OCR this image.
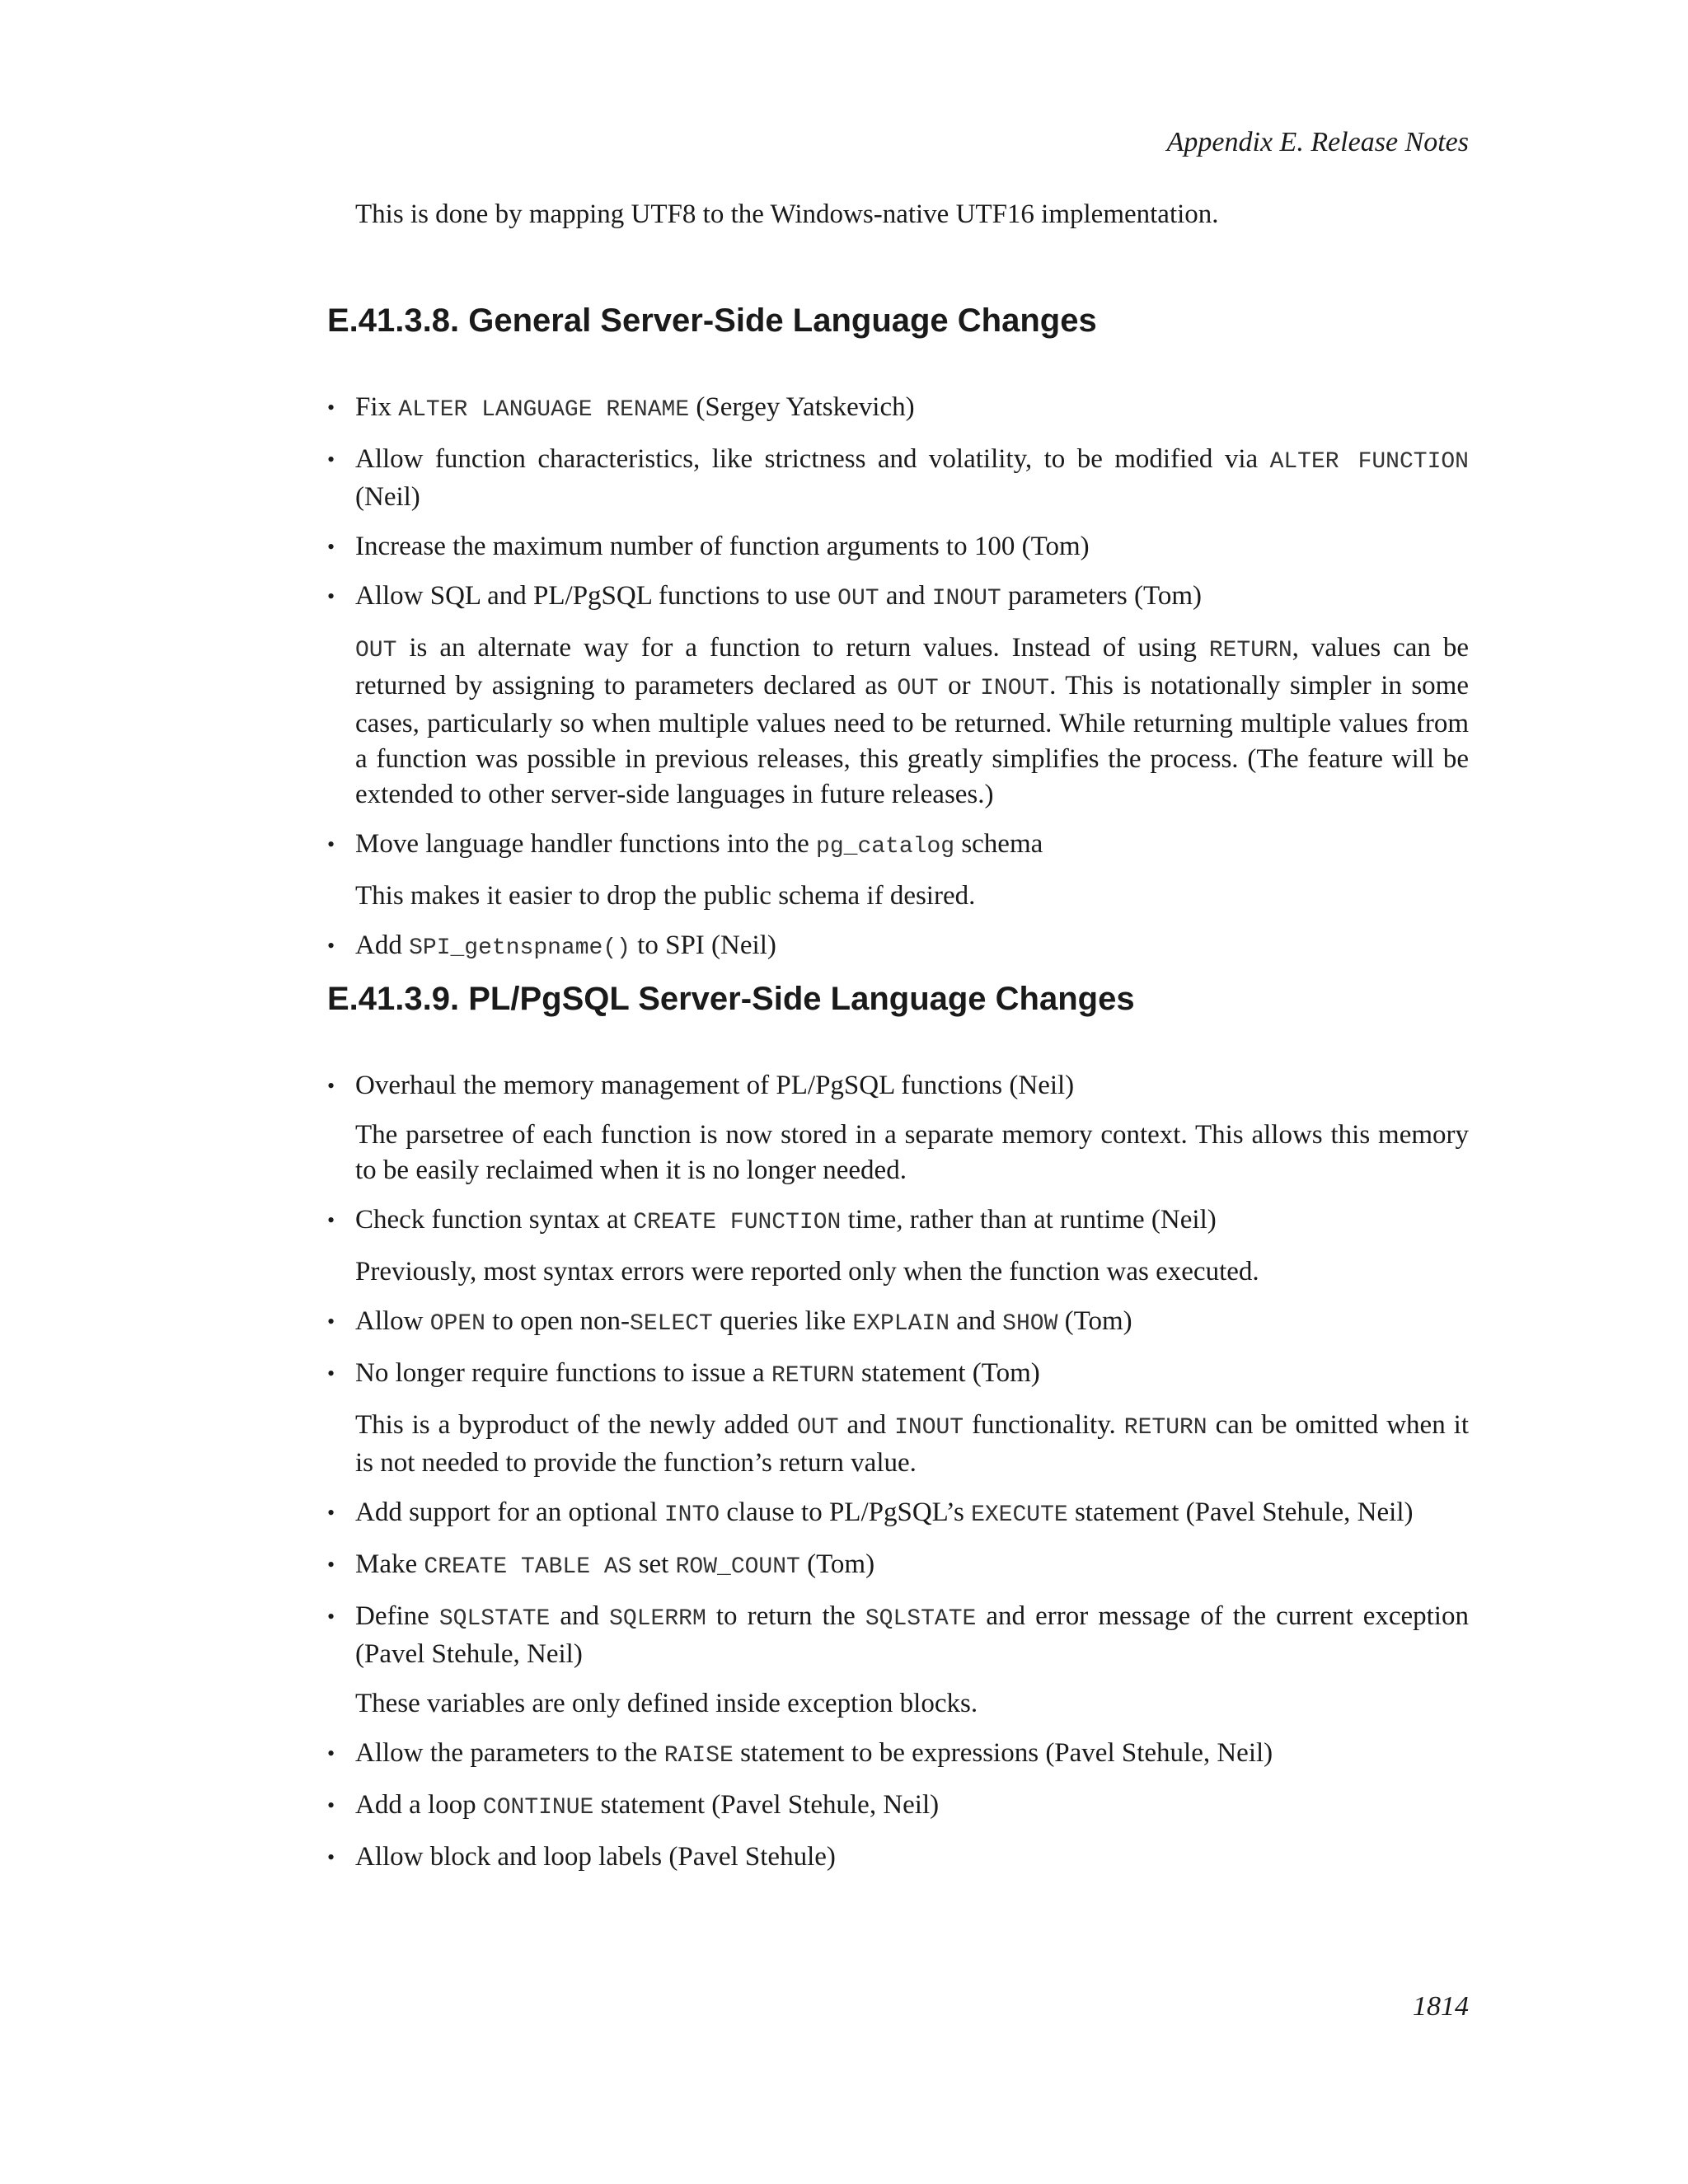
Appendix E. Release Notes

This is done by mapping UTF8 to the Windows-native UTF16 implementation.

E.41.3.8. General Server-Side Language Changes
• Fix ALTER LANGUAGE RENAME (Sergey Yatskevich)

• Allow function characteristics, like strictness and volatility, to be modified via ALTER FUNCTION (Neil)

• Increase the maximum number of function arguments to 100 (Tom)

• Allow SQL and PL/PgSQL functions to use OUT and INOUT parameters (Tom)

OUT is an alternate way for a function to return values. Instead of using RETURN, values can be returned by assigning to parameters declared as OUT or INOUT. This is notationally simpler in some cases, particularly so when multiple values need to be returned. While returning multiple values from a function was possible in previous releases, this greatly simplifies the process. (The feature will be extended to other server-side languages in future releases.)

• Move language handler functions into the pg_catalog schema

This makes it easier to drop the public schema if desired.

• Add SPI_getnspname() to SPI (Neil)

E.41.3.9. PL/PgSQL Server-Side Language Changes
• Overhaul the memory management of PL/PgSQL functions (Neil)

The parsetree of each function is now stored in a separate memory context. This allows this memory to be easily reclaimed when it is no longer needed.

• Check function syntax at CREATE FUNCTION time, rather than at runtime (Neil)

Previously, most syntax errors were reported only when the function was executed.

• Allow OPEN to open non-SELECT queries like EXPLAIN and SHOW (Tom)

• No longer require functions to issue a RETURN statement (Tom)

This is a byproduct of the newly added OUT and INOUT functionality. RETURN can be omitted when it is not needed to provide the function’s return value.

• Add support for an optional INTO clause to PL/PgSQL’s EXECUTE statement (Pavel Stehule, Neil)

• Make CREATE TABLE AS set ROW_COUNT (Tom)

• Define SQLSTATE and SQLERRM to return the SQLSTATE and error message of the current exception (Pavel Stehule, Neil)

These variables are only defined inside exception blocks.

• Allow the parameters to the RAISE statement to be expressions (Pavel Stehule, Neil)

• Add a loop CONTINUE statement (Pavel Stehule, Neil)

• Allow block and loop labels (Pavel Stehule)

1814
